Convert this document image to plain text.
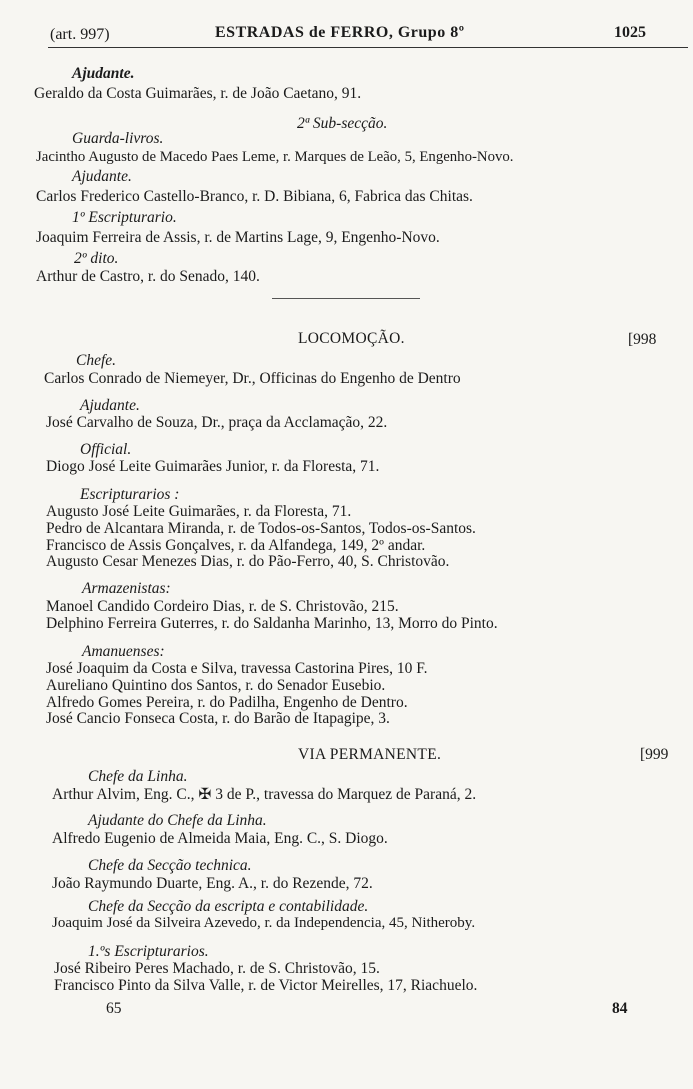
(art. 997)	ESTRADAS de FERRO, Grupo 8º	1025
Ajudante.
Geraldo da Costa Guimarães, r. de João Caetano, 91.
2ª Sub-secção.
Guarda-livros.
Jacintho Augusto de Macedo Paes Leme, r. Marques de Leão, 5, Engenho-Novo.
Ajudante.
Carlos Frederico Castello-Branco, r. D. Bibiana, 6, Fabrica das Chitas.
1º Escripturario.
Joaquim Ferreira de Assis, r. de Martins Lage, 9, Engenho-Novo.
2º dito.
Arthur de Castro, r. do Senado, 140.
LOCOMOÇÃO.	[998
Chefe.
Carlos Conrado de Niemeyer, Dr., Officinas do Engenho de Dentro
Ajudante.
José Carvalho de Souza, Dr., praça da Acclamação, 22.
Official.
Diogo José Leite Guimarães Junior, r. da Floresta, 71.
Escripturarios :
Augusto José Leite Guimarães, r. da Floresta, 71.
Pedro de Alcantara Miranda, r. de Todos-os-Santos, Todos-os-Santos.
Francisco de Assis Gonçalves, r. da Alfandega, 149, 2º andar.
Augusto Cesar Menezes Dias, r. do Pão-Ferro, 40, S. Christovão.
Armazenistas:
Manoel Candido Cordeiro Dias, r. de S. Christovão, 215.
Delphino Ferreira Guterres, r. do Saldanha Marinho, 13, Morro do Pinto.
Amanuenses:
José Joaquim da Costa e Silva, travessa Castorina Pires, 10 F.
Aureliano Quintino dos Santos, r. do Senador Eusebio.
Alfredo Gomes Pereira, r. do Padilha, Engenho de Dentro.
José Cancio Fonseca Costa, r. do Barão de Itapagipe, 3.
VIA PERMANENTE.	[999
Chefe da Linha.
Arthur Alvim, Eng. C., ✠ 3 de P., travessa do Marquez de Paraná, 2.
Ajudante do Chefe da Linha.
Alfredo Eugenio de Almeida Maia, Eng. C., S. Diogo.
Chefe da Secção technica.
João Raymundo Duarte, Eng. A., r. do Rezende, 72.
Chefe da Secção da escripta e contabilidade.
Joaquim José da Silveira Azevedo, r. da Independencia, 45, Nitheroby.
1.ºs Escripturarios.
José Ribeiro Peres Machado, r. de S. Christovão, 15.
Francisco Pinto da Silva Valle, r. de Victor Meirelles, 17, Riachuelo.
65	84
